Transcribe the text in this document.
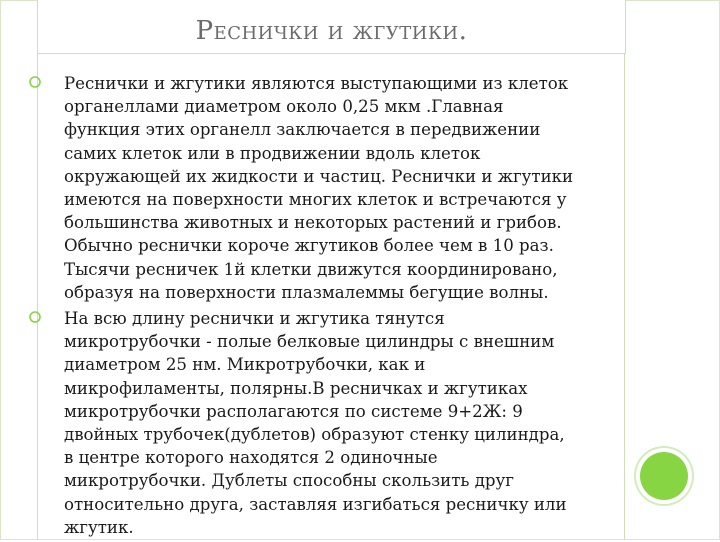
Реснички и жгутики.
Реснички и жгутики являются выступающими из клеток
органеллами диаметром около 0,25 мкм .Главная
функция этих органелл заключается в передвижении
самих клеток или в продвижении вдоль клеток
окружающей их жидкости и частиц. Реснички и жгутики
имеются на поверхности многих клеток и встречаются у
большинства животных и некоторых растений и грибов.
Обычно реснички короче жгутиков более чем в 10 раз.
Тысячи ресничек 1й клетки движутся координировано,
образуя на поверхности плазмалеммы бегущие волны.
На всю длину реснички и жгутика тянутся
микротрубочки - полые белковые цилиндры с внешним
диаметром 25 нм. Микротрубочки, как и
микрофиламенты, полярны.В ресничках и жгутиках
микротрубочки располагаются по системе 9+2Ж: 9
двойных трубочек(дублетов) образуют стенку цилиндра,
в центре которого находятся 2 одиночные
микротрубочки. Дублеты способны скользить друг
относительно друга, заставляя изгибаться ресничку или
жгутик.
